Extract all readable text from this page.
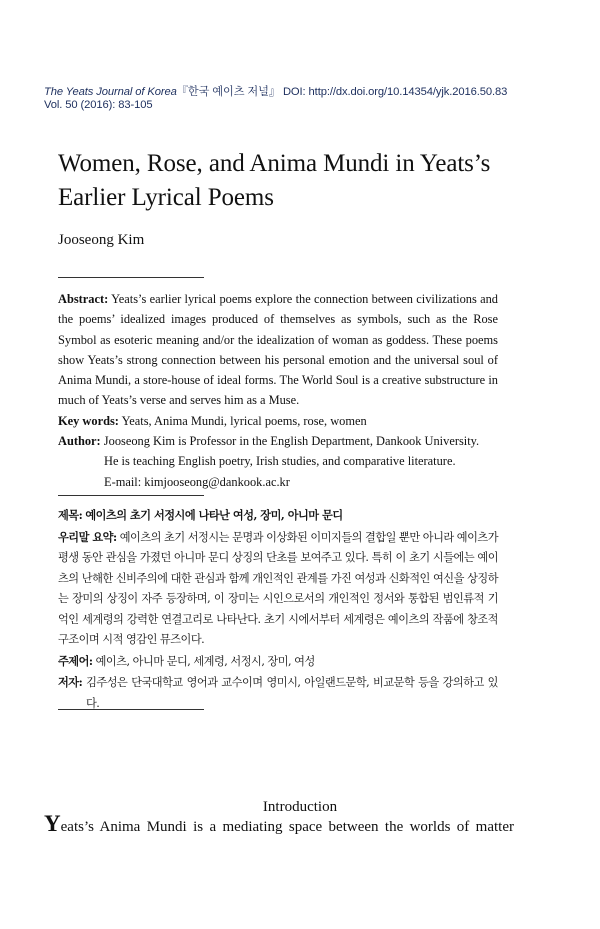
The Yeats Journal of Korea『한국 예이츠 저널』 DOI: http://dx.doi.org/10.14354/yjk.2016.50.83
Vol. 50 (2016): 83-105
Women, Rose, and Anima Mundi in Yeats’s
Earlier Lyrical Poems
Jooseong Kim

Abstract: Yeats’s earlier lyrical poems explore the connection between civilizations and the poems’ idealized images produced of themselves as symbols, such as the Rose Symbol as esoteric meaning and/or the idealization of woman as goddess. These poems show Yeats’s strong connection between his personal emotion and the universal soul of Anima Mundi, a store-house of ideal forms. The World Soul is a creative substructure in much of Yeats’s verse and serves him as a Muse.

Key words: Yeats, Anima Mundi, lyrical poems, rose, women

Author: Jooseong Kim is Professor in the English Department, Dankook University.
He is teaching English poetry, Irish studies, and comparative literature.
E-mail: kimjooseong@dankook.ac.kr

제목: 예이츠의 초기 서정시에 나타난 여성, 장미, 아니마 문디

우리말 요약: 예이츠의 초기 서정시는 문명과 이상화된 이미지들의 결합일 뿐만 아니라 예이츠가 평생 동안 관심을 가졌던 아니마 문디 상징의 단초를 보여주고 있다. 특히 이 초기 시들에는 예이츠의 난해한 신비주의에 대한 관심과 함께 개인적인 관계를 가진 여성과 신화적인 여신을 상징하는 장미의 상징이 자주 등장하며, 이 장미는 시인으로서의 개인적인 정서와 통합된 범인류적 기억인 세계령의 강력한 연결고리로 나타난다. 초기 시에서부터 세계령은 예이츠의 작품에 창조적 구조이며 시적 영감인 뮤즈이다.

주제어: 예이츠, 아니마 문디, 세계령, 서정시, 장미, 여성

저자: 김주성은 단국대학교 영어과 교수이며 영미시, 아일랜드문학, 비교문학 등을 강의하고 있다.

Introduction
Yeats’s Anima Mundi is a mediating space between the worlds of matter
